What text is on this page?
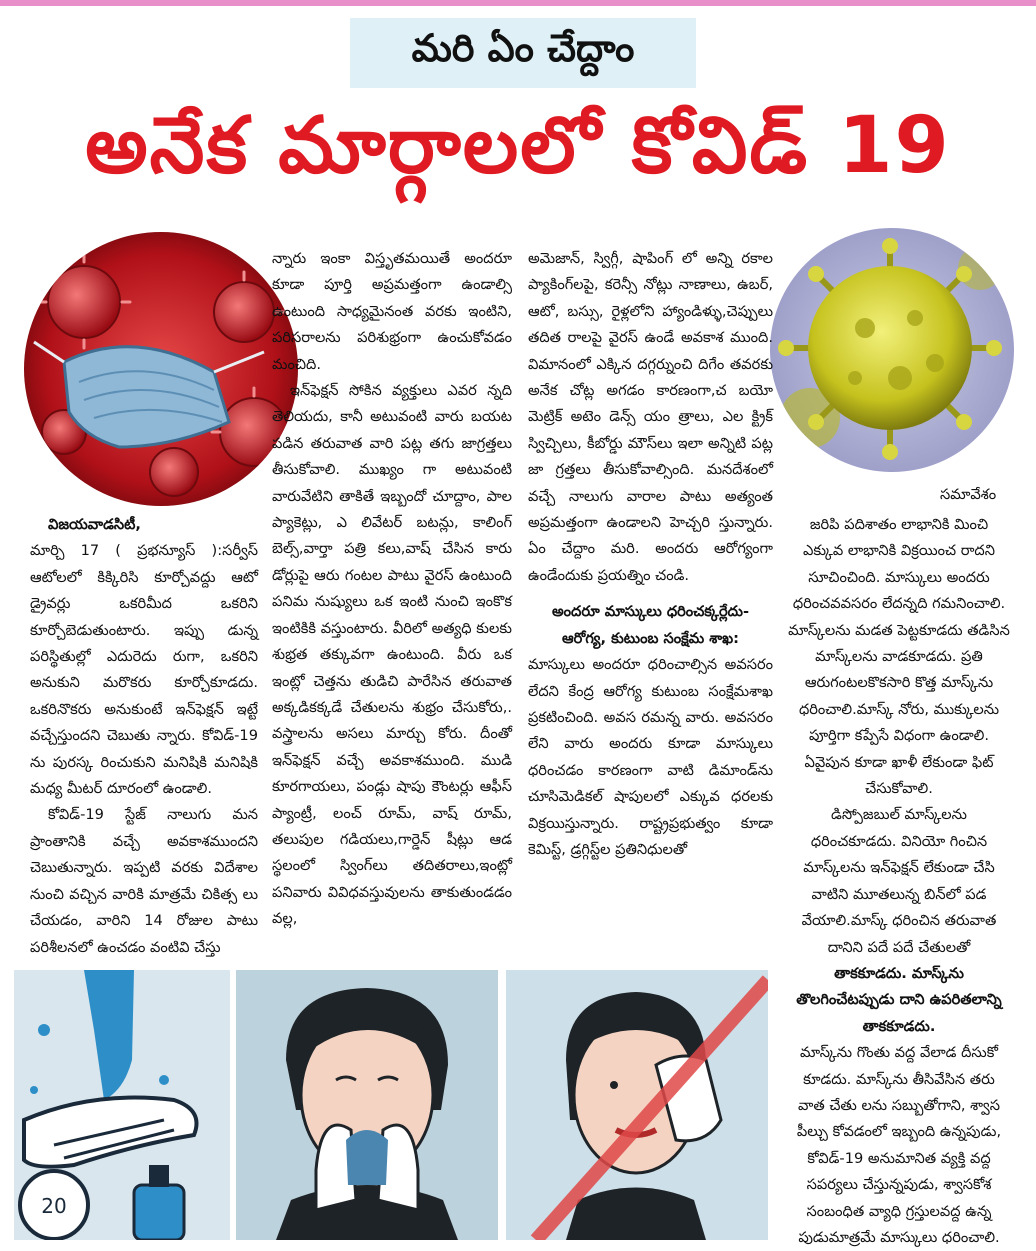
మరి ఏం చేద్దాం
అనేక మార్గాలలో కోవిడ్ 19
సమావేశం

విజయవాడసిటీ,

మార్చి 17 ( ప్రభన్యూస్ ):సర్వీస్ ఆటోలలో కిక్కిరిసి కూర్చోవద్దు ఆటో డ్రైవర్లు ఒకరిమీద ఒకరిని కూర్చోబెడుతుంటారు. ఇప్పు డున్న పరిస్థితుల్లో ఎదురెదు రుగా, ఒకరిని అనుకుని మరొకరు కూర్చోకూడదు. ఒకరినొకరు అనుకుంటే ఇన్‌ఫెక్షన్ ఇట్టే వచ్చేస్తుందని చెబుతు న్నారు. కోవిడ్-19 ను పురస్క రించుకుని మనిషికి మనిషికి మధ్య మీటర్ దూరంలో ఉండాలి.

కోవిడ్-19 స్టేజ్ నాలుగు మన ప్రాంతానికి వచ్చే అవకాశముందని చెబుతున్నారు. ఇప్పటి వరకు విదేశాల నుంచి వచ్చిన వారికి మాత్రమే చికిత్స లు చేయడం, వారిని 14 రోజుల పాటు పరిశీలనలో ఉంచడం వంటివి చేస్తు

న్నారు ఇంకా విస్తృతమయితే అందరూ కూడా పూర్తి అప్రమత్తంగా ఉండాల్సి ఉంటుంది సాధ్యమైనంత వరకు ఇంటిని, పరిసరాలను పరిశుభ్రంగా ఉంచుకోవడం మంచిది.

ఇన్‌ఫెక్షన్ సోకిన వ్యక్తులు ఎవర న్నది తెలియదు, కానీ అటువంటి వారు బయట పడిన తరువాత వారి పట్ల తగు జాగ్రత్తలు తీసుకోవాలి. ముఖ్యం గా అటువంటి వారువేటిని తాకితే ఇబ్బందో చూద్దాం, పాల ప్యాకెట్లు, ఎ లివేటర్ బటన్లు, కాలింగ్ బెల్స్,వార్తా పత్రి కలు,వాష్ చేసిన కారు డోర్లుపై ఆరు గంటల పాటు వైరస్ ఉంటుంది పనిమ నుష్యులు ఒక ఇంటి నుంచి ఇంకొక ఇంటికికి వస్తుంటారు. వీరిలో అత్యధి కులకు శుభ్రత తక్కువగా ఉంటుంది. వీరు ఒక ఇంట్లో చెత్తను తుడిచి పారేసిన తరువాత అక్కడికక్కడే చేతులను శుభ్రం చేసుకోరు,. వస్త్రాలను అసలు మార్చు కోరు. దీంతో ఇన్‌ఫెక్షన్ వచ్చే అవకాశముంది. ముడి కూరగాయలు, పండ్లు షాపు కౌంటర్లు ఆఫీస్ ప్యాంట్రీ, లంచ్ రూమ్, వాష్ రూమ్, తలుపుల గడియలు,గార్డెన్ షీట్లు ఆడ స్థలంలో స్వింగ్‌లు తదితరాలు,ఇంట్లో పనివారు వివిధవస్తువులను తాకుతుండడం వల్ల,

అమెజాన్, స్విగ్గీ, షాపింగ్ లో అన్ని రకాల ప్యాకింగ్‌లపై, కరెన్సీ నోట్లు నాణాలు, ఉబర్, ఆటో, బస్సు, రైళ్లలోని హ్యాండిళ్ళు,చెప్పులు తదిత రాలపై వైరస్ ఉండే అవకాశ ముంది. విమానంలో ఎక్కిన దగ్గర్నుంచి దిగేం తవరకు అనేక చోట్ల అగడం కారణంగా,చ బయో మెట్రిక్ అటెం డెన్స్ యం త్రాలు, ఎల క్ట్రిక్ స్విచ్చిలు, కీబోర్డు మౌస్‌లు ఇలా అన్నిటి పట్ల జా గ్రత్తలు తీసుకోవాల్సింది. మనదేశంలో వచ్చే నాలుగు వారాల పాటు అత్యంత అప్రమత్తంగా ఉండాలని హెచ్చరి స్తున్నారు. ఏం చేద్దాం మరి. అందరు ఆరోగ్యంగా ఉండేందుకు ప్రయత్నిం చండి.

అందరూ మాస్కులు ధరించక్కర్లేదు- ఆరోగ్య, కుటుంబ సంక్షేమ శాఖ:

మాస్కులు అందరూ ధరించాల్సిన అవసరం లేదని కేంద్ర ఆరోగ్య కుటుంబ సంక్షేమశాఖ ప్రకటించింది. అవస రమన్న వారు. అవసరం లేని వారు అందరు కూడా మాస్కులు ధరించడం కారణంగా వాటి డిమాండ్‌ను చూసిమెడికల్ షాపులలో ఎక్కువ ధరలకు విక్రయిస్తున్నారు. రాష్ట్రప్రభుత్వం కూడా కెమిస్ట్, డ్రగ్గిస్ట్‌ల ప్రతినిధులతో

జరిపి పదిశాతం లాభానికి మించి ఎక్కువ లాభానికి విక్రయించ రాదని సూచించింది. మాస్కులు అందరు ధరించవవసరం లేదన్నది గమనించాలి. మాస్క్‌లను మడత పెట్టకూడదు తడిసిన మాస్క్‌లను వాడకూడదు. ప్రతి ఆరుగంటలకొకసారి కొత్త మాస్క్‌ను ధరించాలి.మాస్క్ నోరు, ముక్కులను పూర్తిగా కప్పేసే విధంగా ఉండాలి. ఏవైపున కూడా ఖాళీ లేకుండా ఫిట్ చేసుకోవాలి.

డిస్పోజబుల్ మాస్క్‌లను ధరించకూడదు. వినియో గించిన మాస్క్‌లను ఇన్‌ఫెక్షన్ లేకుండా చేసి వాటిని మూతలున్న బిన్‌లో పడ వేయాలి.మాస్క్ ధరించిన తరువాత దానిని పదే పదే చేతులతో

తాకకూడదు. మాస్క్‌ను తొలగించేటప్పుడు దాని ఉపరితలాన్ని తాకకూడదు.

మాస్క్‌ను గొంతు వద్ద వేలాడ దీసుకో కూడదు. మాస్క్‌ను తీసివేసిన తరు వాత చేతు లను సబ్బుతోగాని, శ్వాస పీల్చు కోవడంలో ఇబ్బంది ఉన్నపుడు, కోవిడ్-19 అనుమానిత వ్యక్తి వద్ద సపర్యలు చేస్తున్నపుడు, శ్వాసకోశ సంబంధిత వ్యాధి గ్రస్తులవద్ద ఉన్న పుడుమాత్రమే మాస్కులు ధరించాలి.

20
